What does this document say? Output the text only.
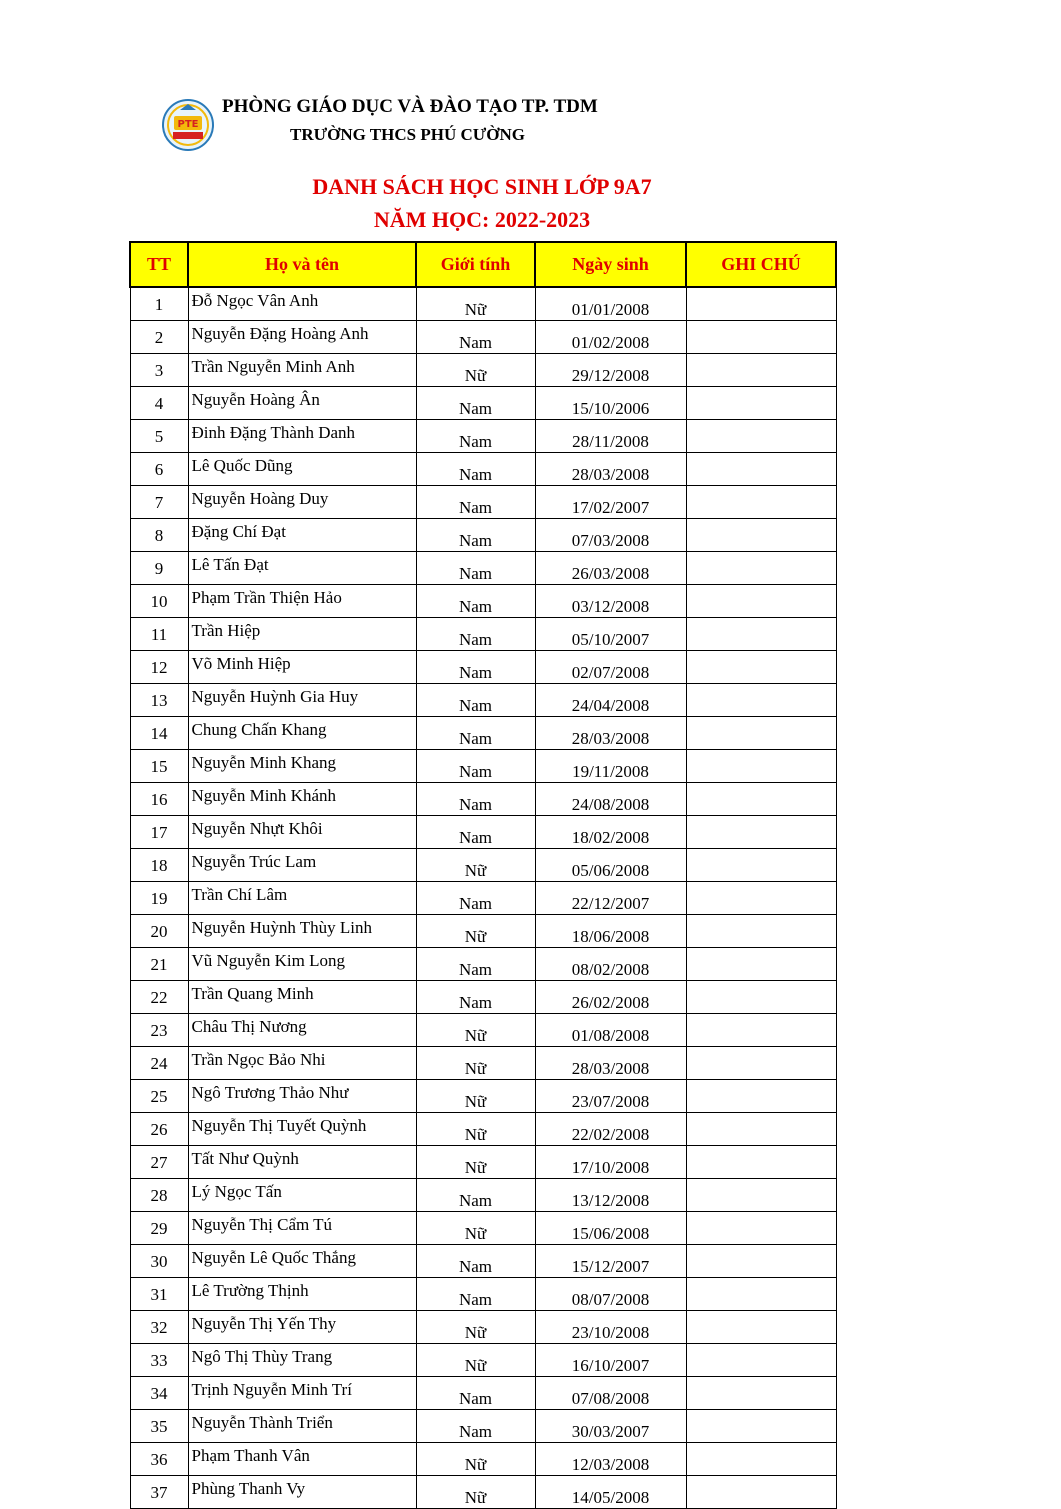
PTE
PHÒNG GIÁO DỤC VÀ ĐÀO TẠO TP. TDM
TRƯỜNG THCS PHÚ CƯỜNG
DANH SÁCH HỌC SINH LỚP 9A7
NĂM HỌC: 2022-2023
TT	Họ và tên	Giới tính	Ngày sinh	GHI CHÚ
1	Đỗ Ngọc Vân Anh	Nữ	01/01/2008	
2	Nguyễn Đặng Hoàng Anh	Nam	01/02/2008	
3	Trần Nguyễn Minh Anh	Nữ	29/12/2008	
4	Nguyễn Hoàng Ân	Nam	15/10/2006	
5	Đinh Đặng Thành Danh	Nam	28/11/2008	
6	Lê Quốc Dũng	Nam	28/03/2008	
7	Nguyễn Hoàng Duy	Nam	17/02/2007	
8	Đặng Chí Đạt	Nam	07/03/2008	
9	Lê Tấn Đạt	Nam	26/03/2008	
10	Phạm Trần Thiện Hảo	Nam	03/12/2008	
11	Trần Hiệp	Nam	05/10/2007	
12	Võ Minh Hiệp	Nam	02/07/2008	
13	Nguyễn Huỳnh Gia Huy	Nam	24/04/2008	
14	Chung Chấn Khang	Nam	28/03/2008	
15	Nguyễn Minh Khang	Nam	19/11/2008	
16	Nguyễn Minh Khánh	Nam	24/08/2008	
17	Nguyễn Nhựt Khôi	Nam	18/02/2008	
18	Nguyễn Trúc Lam	Nữ	05/06/2008	
19	Trần Chí Lâm	Nam	22/12/2007	
20	Nguyễn Huỳnh Thùy Linh	Nữ	18/06/2008	
21	Vũ Nguyễn Kim Long	Nam	08/02/2008	
22	Trần Quang Minh	Nam	26/02/2008	
23	Châu Thị Nương	Nữ	01/08/2008	
24	Trần Ngọc Bảo Nhi	Nữ	28/03/2008	
25	Ngô Trương Thảo Như	Nữ	23/07/2008	
26	Nguyễn Thị Tuyết Quỳnh	Nữ	22/02/2008	
27	Tất Như Quỳnh	Nữ	17/10/2008	
28	Lý Ngọc Tấn	Nam	13/12/2008	
29	Nguyễn Thị Cẩm Tú	Nữ	15/06/2008	
30	Nguyễn Lê Quốc Thắng	Nam	15/12/2007	
31	Lê Trường Thịnh	Nam	08/07/2008	
32	Nguyễn Thị Yến Thy	Nữ	23/10/2008	
33	Ngô Thị Thùy Trang	Nữ	16/10/2007	
34	Trịnh Nguyễn Minh Trí	Nam	07/08/2008	
35	Nguyễn Thành Triển	Nam	30/03/2007	
36	Phạm Thanh Vân	Nữ	12/03/2008	
37	Phùng Thanh Vy	Nữ	14/05/2008	
